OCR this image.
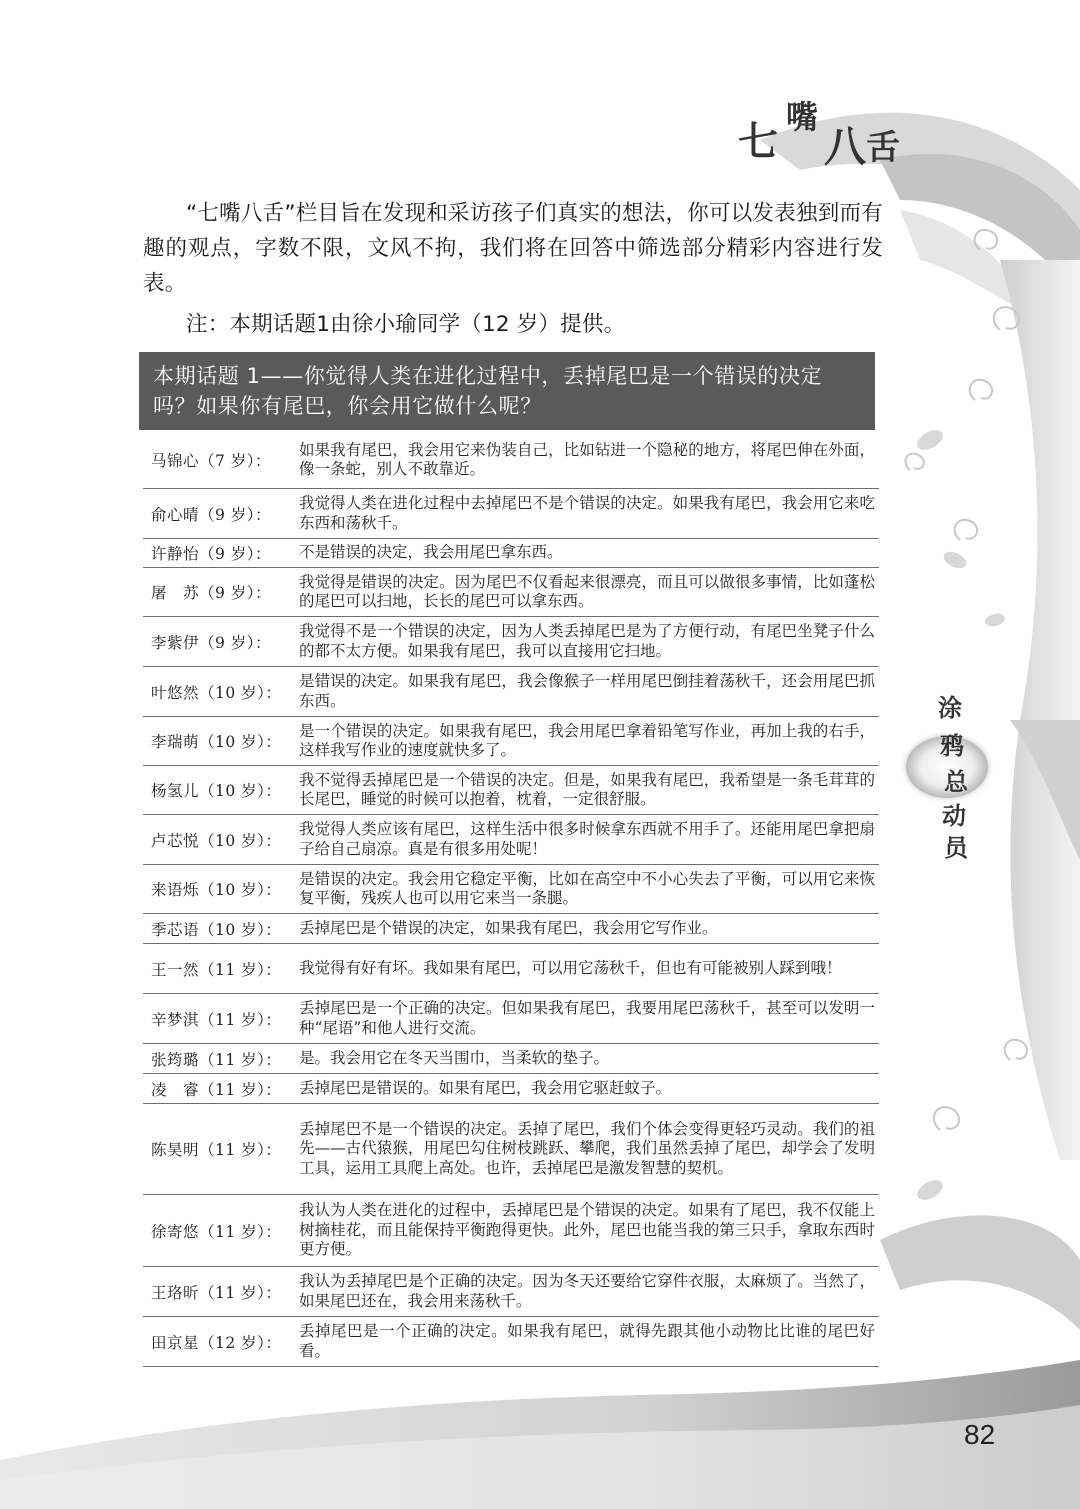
七
嘴
八 舌

“七嘴八舌”栏目旨在发现和采访孩子们真实的想法，你可以发表独到而有趣的观点，字数不限，文风不拘，我们将在回答中筛选部分精彩内容进行发表。

注：本期话题1由徐小瑜同学（12 岁）提供。

本期话题 1——你觉得人类在进化过程中，丢掉尾巴是一个错误的决定吗？如果你有尾巴，你会用它做什么呢？
马锦心（7 岁）：
如果我有尾巴，我会用它来伪装自己，比如钻进一个隐秘的地方，将尾巴伸在外面，像一条蛇，别人不敢靠近。
俞心晴（9 岁）：
我觉得人类在进化过程中去掉尾巴不是个错误的决定。如果我有尾巴，我会用它来吃东西和荡秋千。
许静怡（9 岁）：	不是错误的决定，我会用尾巴拿东西。
屠　苏（9 岁）：
我觉得是错误的决定。因为尾巴不仅看起来很漂亮，而且可以做很多事情，比如蓬松的尾巴可以扫地，长长的尾巴可以拿东西。
李紫伊（9 岁）：
我觉得不是一个错误的决定，因为人类丢掉尾巴是为了方便行动，有尾巴坐凳子什么的都不太方便。如果我有尾巴，我可以直接用它扫地。
叶悠然（10 岁）：
是错误的决定。如果我有尾巴，我会像猴子一样用尾巴倒挂着荡秋千，还会用尾巴抓东西。
李瑞萌（10 岁）：
是一个错误的决定。如果我有尾巴，我会用尾巴拿着铅笔写作业，再加上我的右手，这样我写作业的速度就快多了。
杨氢儿（10 岁）：
我不觉得丢掉尾巴是一个错误的决定。但是，如果我有尾巴，我希望是一条毛茸茸的长尾巴，睡觉的时候可以抱着，枕着，一定很舒服。
卢芯悦（10 岁）：
我觉得人类应该有尾巴，这样生活中很多时候拿东西就不用手了。还能用尾巴拿把扇子给自己扇凉。真是有很多用处呢！
来语烁（10 岁）：
是错误的决定。我会用它稳定平衡，比如在高空中不小心失去了平衡，可以用它来恢复平衡，残疾人也可以用它来当一条腿。
季芯语（10 岁）：	丢掉尾巴是个错误的决定，如果我有尾巴，我会用它写作业。
王一然（11 岁）：	我觉得有好有坏。我如果有尾巴，可以用它荡秋千，但也有可能被别人踩到哦！
辛梦淇（11 岁）：
丢掉尾巴是一个正确的决定。但如果我有尾巴，我要用尾巴荡秋千，甚至可以发明一种“尾语”和他人进行交流。
张筠璐（11 岁）：	是。我会用它在冬天当围巾，当柔软的垫子。
凌　睿（11 岁）：	丢掉尾巴是错误的。如果有尾巴，我会用它驱赶蚊子。
陈昊明（11 岁）：
丢掉尾巴不是一个错误的决定。丢掉了尾巴，我们个体会变得更轻巧灵动。我们的祖先——古代猿猴，用尾巴勾住树枝跳跃、攀爬，我们虽然丢掉了尾巴，却学会了发明工具，运用工具爬上高处。也许，丢掉尾巴是激发智慧的契机。
徐寄悠（11 岁）：
我认为人类在进化的过程中，丢掉尾巴是个错误的决定。如果有了尾巴，我不仅能上树摘桂花，而且能保持平衡跑得更快。此外，尾巴也能当我的第三只手，拿取东西时更方便。
王珞昕（11 岁）：
我认为丢掉尾巴是个正确的决定。因为冬天还要给它穿件衣服，太麻烦了。当然了，如果尾巴还在，我会用来荡秋千。
田京星（12 岁）：
丢掉尾巴是一个正确的决定。如果我有尾巴，就得先跟其他小动物比比谁的尾巴好看。
涂
鸦
总
动
员
82
